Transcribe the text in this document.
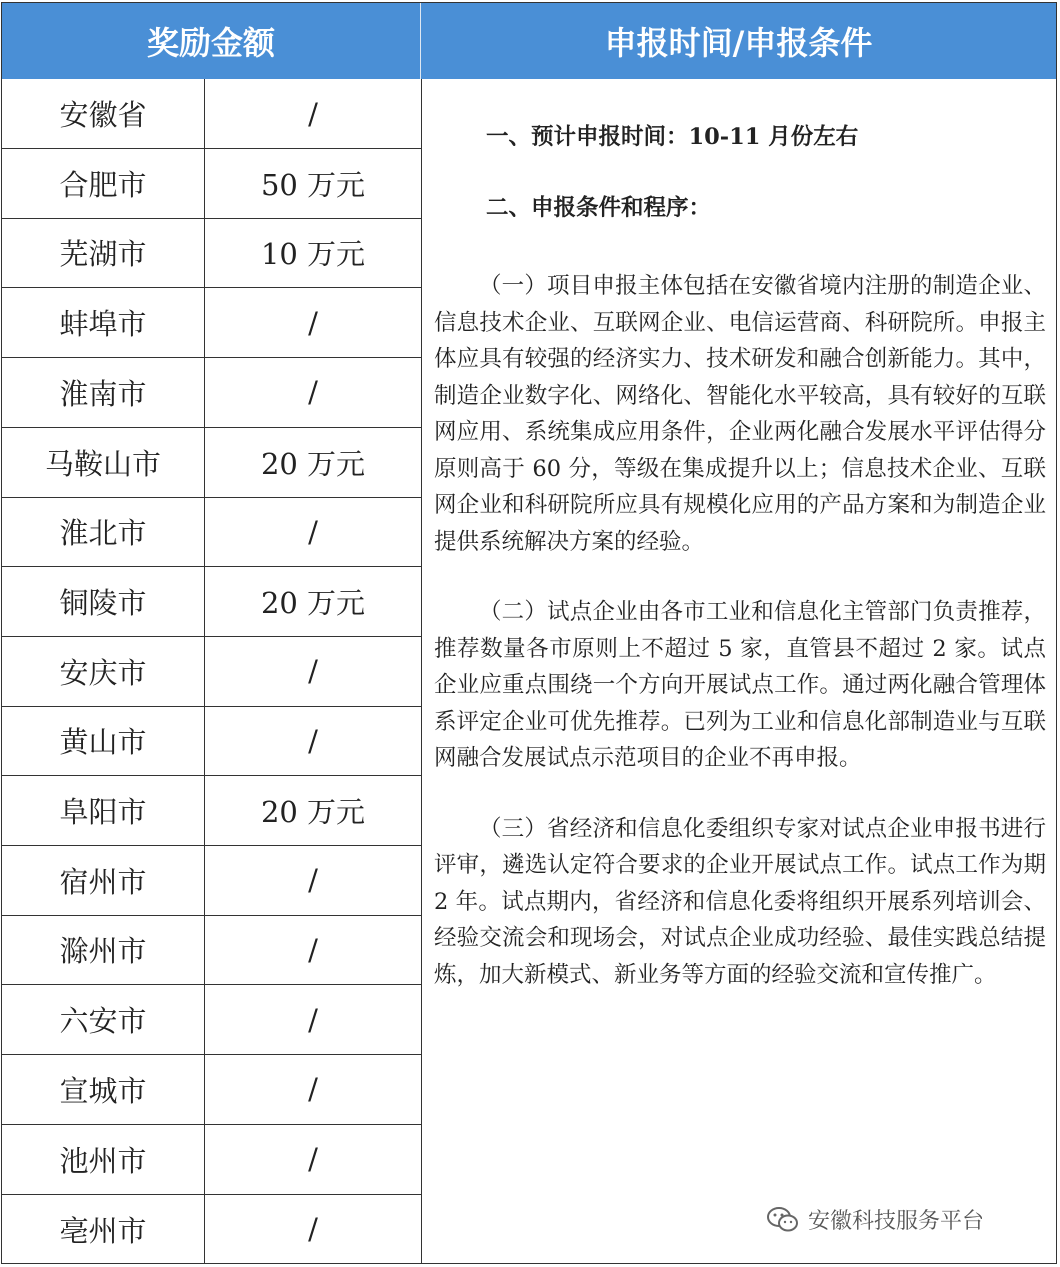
奖励金额	申报时间/申报条件
安徽省	/
合肥市	50 万元
芜湖市	10 万元
蚌埠市	/
淮南市	/
马鞍山市	20 万元
淮北市	/
铜陵市	20 万元
安庆市	/
黄山市	/
阜阳市	20 万元
宿州市	/
滁州市	/
六安市	/
宣城市	/
池州市	/
亳州市	/

一、预计申报时间：10-11 月份左右

二、申报条件和程序：

（一）项目申报主体包括在安徽省境内注册的制造企业、信息技术企业、互联网企业、电信运营商、科研院所。申报主体应具有较强的经济实力、技术研发和融合创新能力。其中，制造企业数字化、网络化、智能化水平较高，具有较好的互联网应用、系统集成应用条件，企业两化融合发展水平评估得分原则高于 60 分，等级在集成提升以上；信息技术企业、互联网企业和科研院所应具有规模化应用的产品方案和为制造企业提供系统解决方案的经验。

（二）试点企业由各市工业和信息化主管部门负责推荐，推荐数量各市原则上不超过 5 家，直管县不超过 2 家。试点企业应重点围绕一个方向开展试点工作。通过两化融合管理体系评定企业可优先推荐。已列为工业和信息化部制造业与互联网融合发展试点示范项目的企业不再申报。

（三）省经济和信息化委组织专家对试点企业申报书进行评审，遴选认定符合要求的企业开展试点工作。试点工作为期 2 年。试点期内，省经济和信息化委将组织开展系列培训会、经验交流会和现场会，对试点企业成功经验、最佳实践总结提炼，加大新模式、新业务等方面的经验交流和宣传推广。

安徽科技服务平台
